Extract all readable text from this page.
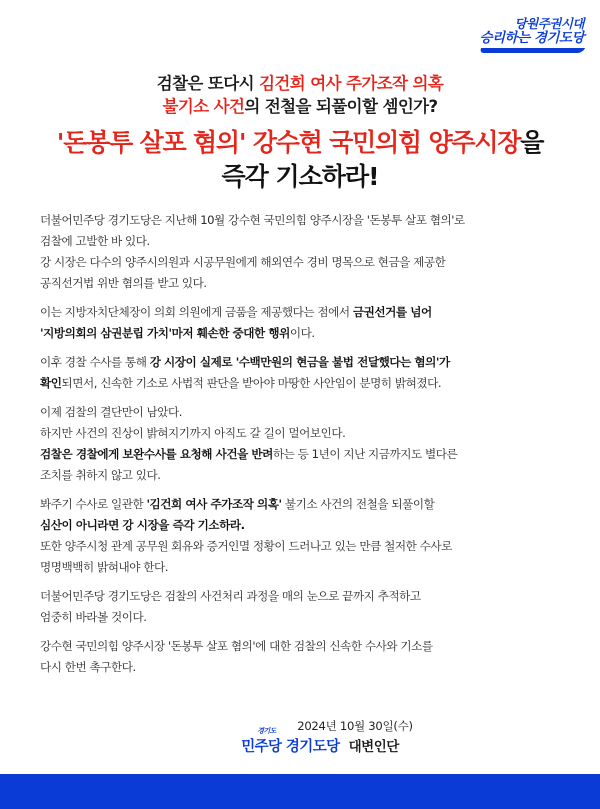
당원주권시대
승리하는 경기도당
검찰은 또다시 김건희 여사 주가조작 의혹
불기소 사건의 전철을 되풀이할 셈인가?
'돈봉투 살포 혐의' 강수현 국민의힘 양주시장을
즉각 기소하라!
더불어민주당 경기도당은 지난해 10월 강수현 국민의힘 양주시장을 '돈봉투 살포 혐의'로
검찰에 고발한 바 있다.
강 시장은 다수의 양주시의원과 시공무원에게 해외연수 경비 명목으로 현금을 제공한
공직선거법 위반 혐의를 받고 있다.
이는 지방자치단체장이 의회 의원에게 금품을 제공했다는 점에서 금권선거를 넘어
'지방의회의 삼권분립 가치'마저 훼손한 중대한 행위이다.
이후 경찰 수사를 통해 강 시장이 실제로 '수백만원의 현금을 불법 전달했다는 혐의'가
확인되면서, 신속한 기소로 사법적 판단을 받아야 마땅한 사안임이 분명히 밝혀졌다.
이제 검찰의 결단만이 남았다.
하지만 사건의 진상이 밝혀지기까지 아직도 갈 길이 멀어보인다.
검찰은 경찰에게 보완수사를 요청해 사건을 반려하는 등 1년이 지난 지금까지도 별다른
조치를 취하지 않고 있다.
봐주기 수사로 일관한 '김건희 여사 주가조작 의혹' 불기소 사건의 전철을 되풀이할
심산이 아니라면 강 시장을 즉각 기소하라.
또한 양주시청 관계 공무원 회유와 증거인멸 정황이 드러나고 있는 만큼 철저한 수사로
명명백백히 밝혀내야 한다.
더불어민주당 경기도당은 검찰의 사건처리 과정을 매의 눈으로 끝까지 추적하고
엄중히 바라볼 것이다.
강수현 국민의힘 양주시장 '돈봉투 살포 혐의'에 대한 검찰의 신속한 수사와 기소를
다시 한번 촉구한다.
2024년 10월 30일(수)
경기도
민주당 경기도당 대변인단
